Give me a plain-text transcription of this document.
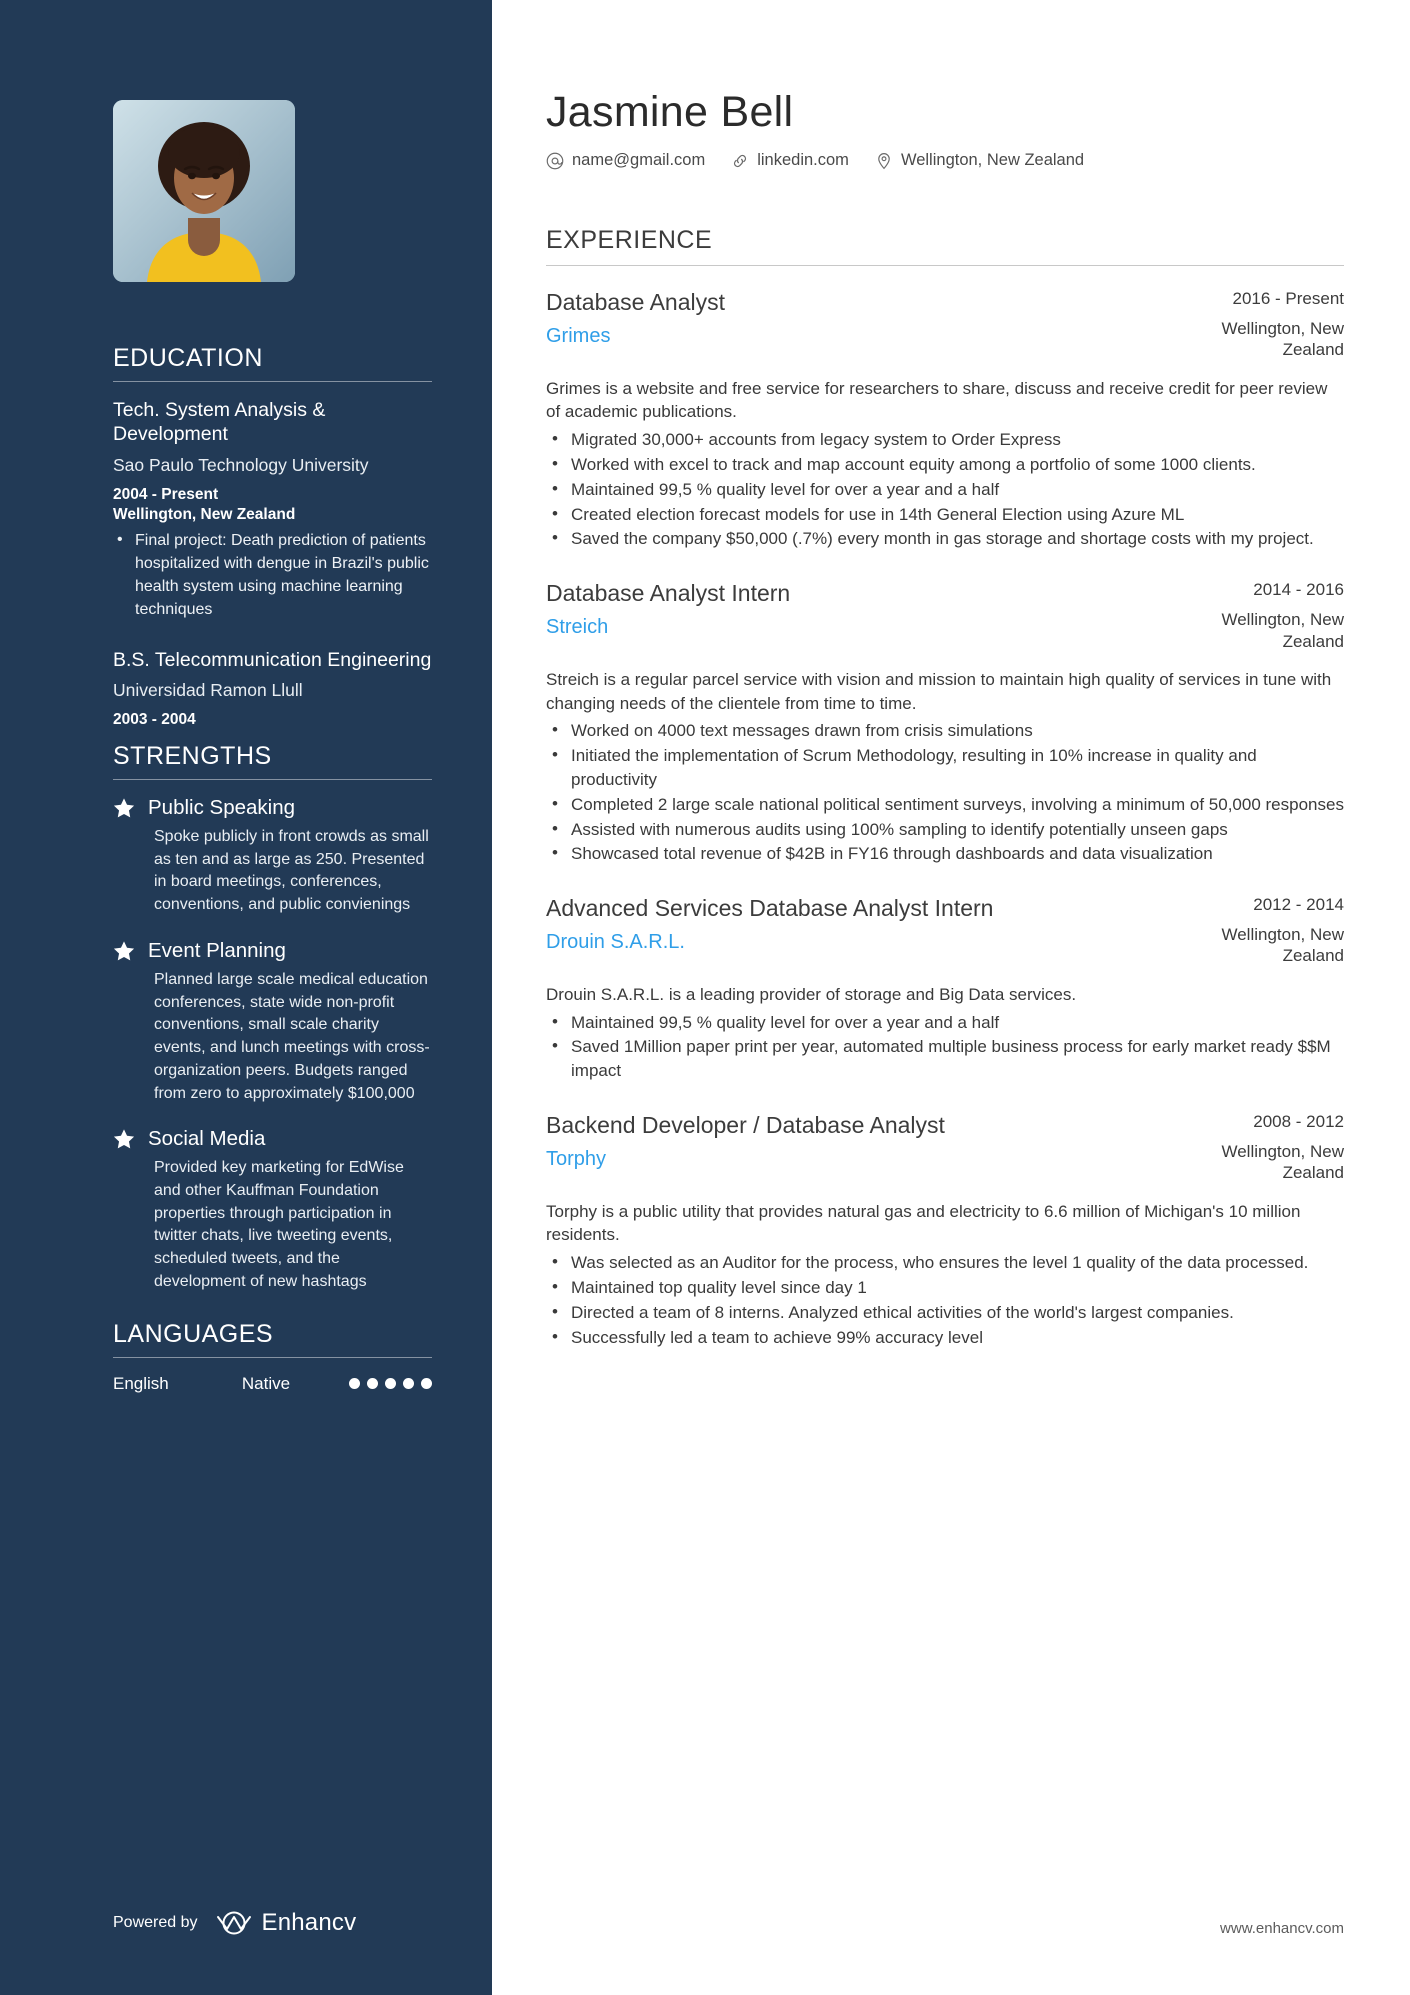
EDUCATION
Tech. System Analysis & Development
Sao Paulo Technology University
2004 - Present
Wellington, New Zealand
• Final project: Death prediction of patients hospitalized with dengue in Brazil's public health system using machine learning techniques
B.S. Telecommunication Engineering
Universidad Ramon Llull
2003 - 2004
STRENGTHS
Public Speaking
Spoke publicly in front crowds as small as ten and as large as 250. Presented in board meetings, conferences, conventions, and public convienings
Event Planning
Planned large scale medical education conferences, state wide non-profit conventions, small scale charity events, and lunch meetings with cross-organization peers. Budgets ranged from zero to approximately $100,000
Social Media
Provided key marketing for EdWise and other Kauffman Foundation properties through participation in twitter chats, live tweeting events, scheduled tweets, and the development of new hashtags
LANGUAGES
English	Native
Powered by	Enhancv
Jasmine Bell
name@gmail.com	linkedin.com	Wellington, New Zealand
EXPERIENCE
Database Analyst
Grimes
2016 - Present
Wellington, New Zealand
Grimes is a website and free service for researchers to share, discuss and receive credit for peer review of academic publications.
• Migrated 30,000+ accounts from legacy system to Order Express
• Worked with excel to track and map account equity among a portfolio of some 1000 clients.
• Maintained 99,5 % quality level for over a year and a half
• Created election forecast models for use in 14th General Election using Azure ML
• Saved the company $50,000 (.7%) every month in gas storage and shortage costs with my project.
Database Analyst Intern
Streich
2014 - 2016
Wellington, New Zealand
Streich is a regular parcel service with vision and mission to maintain high quality of services in tune with changing needs of the clientele from time to time.
• Worked on 4000 text messages drawn from crisis simulations
• Initiated the implementation of Scrum Methodology, resulting in 10% increase in quality and productivity
• Completed 2 large scale national political sentiment surveys, involving a minimum of 50,000 responses
• Assisted with numerous audits using 100% sampling to identify potentially unseen gaps
• Showcased total revenue of $42B in FY16 through dashboards and data visualization
Advanced Services Database Analyst Intern
Drouin S.A.R.L.
2012 - 2014
Wellington, New Zealand
Drouin S.A.R.L. is a leading provider of storage and Big Data services.
• Maintained 99,5 % quality level for over a year and a half
• Saved 1Million paper print per year, automated multiple business process for early market ready $$M impact
Backend Developer / Database Analyst
Torphy
2008 - 2012
Wellington, New Zealand
Torphy is a public utility that provides natural gas and electricity to 6.6 million of Michigan's 10 million residents.
• Was selected as an Auditor for the process, who ensures the level 1 quality of the data processed.
• Maintained top quality level since day 1
• Directed a team of 8 interns. Analyzed ethical activities of the world's largest companies.
• Successfully led a team to achieve 99% accuracy level
www.enhancv.com
